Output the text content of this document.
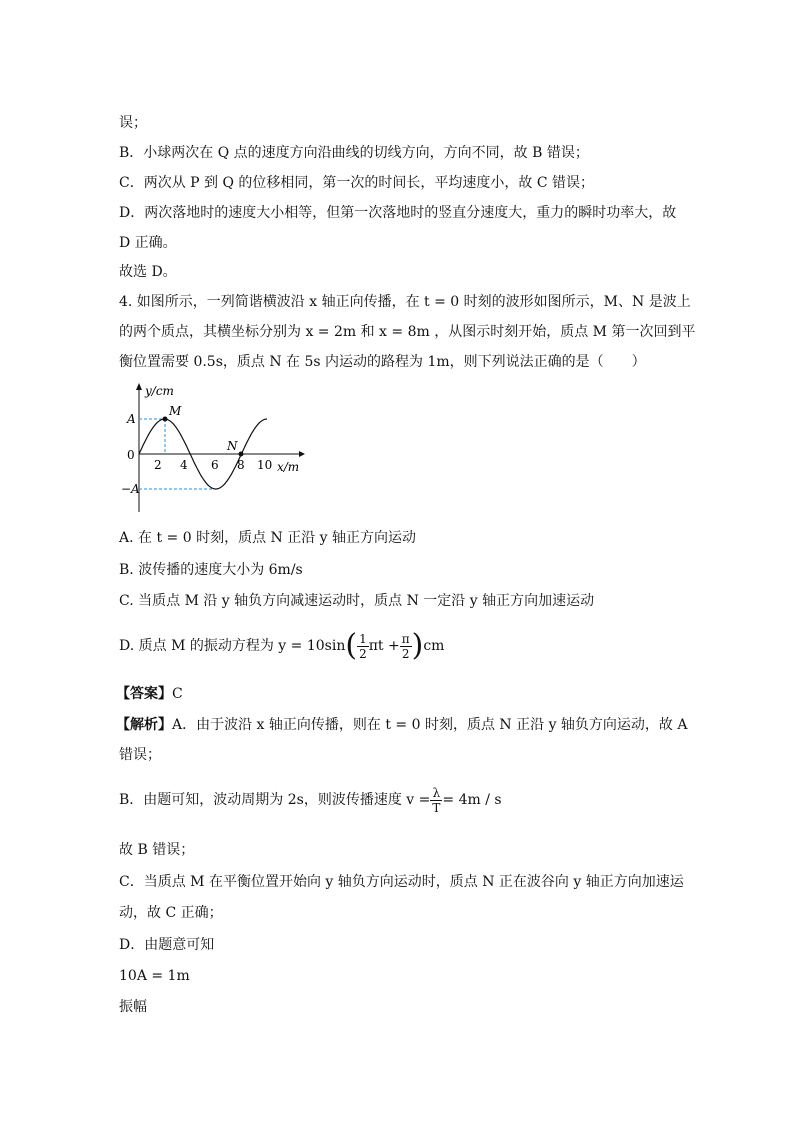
误；
B．小球两次在 Q 点的速度方向沿曲线的切线方向，方向不同，故 B 错误；
C．两次从 P 到 Q 的位移相同，第一次的时间长，平均速度小，故 C 错误；
D．两次落地时的速度大小相等，但第一次落地时的竖直分速度大，重力的瞬时功率大，故
D 正确。
故选 D。
4. 如图所示，一列简谐横波沿 x 轴正向传播，在 t = 0 时刻的波形如图所示，M、N 是波上
的两个质点，其横坐标分别为 x = 2m 和 x = 8m ，从图示时刻开始，质点 M 第一次回到平
衡位置需要 0.5s，质点 N 在 5s 内运动的路程为 1m，则下列说法正确的是（　　）
M
N
y/cm
x/m
A
0
−A
2 4 6 8 10
A. 在 t = 0 时刻，质点 N 正沿 y 轴正方向运动
B. 波传播的速度大小为 6m/s
C. 当质点 M 沿 y 轴负方向减速运动时，质点 N 一定沿 y 轴正方向加速运动
D. 质点 M 的振动方程为 $y = 10\sin( \frac{1}{2}$ $\pi t + \frac{\pi}{2} )cm$
【答案】C
【解析】A．由于波沿 x 轴正向传播，则在 t = 0 时刻，质点 N 正沿 y 轴负方向运动，故 A
错误；
B．由题可知，波动周期为 2s，则波传播速度 $v = \frac{\lambda}{T} = 4m / s$
故 B 错误；
C．当质点 M 在平衡位置开始向 y 轴负方向运动时，质点 N 正在波谷向 y 轴正方向加速运
动，故 C 正确；
D．由题意可知
10A = 1m
振幅
